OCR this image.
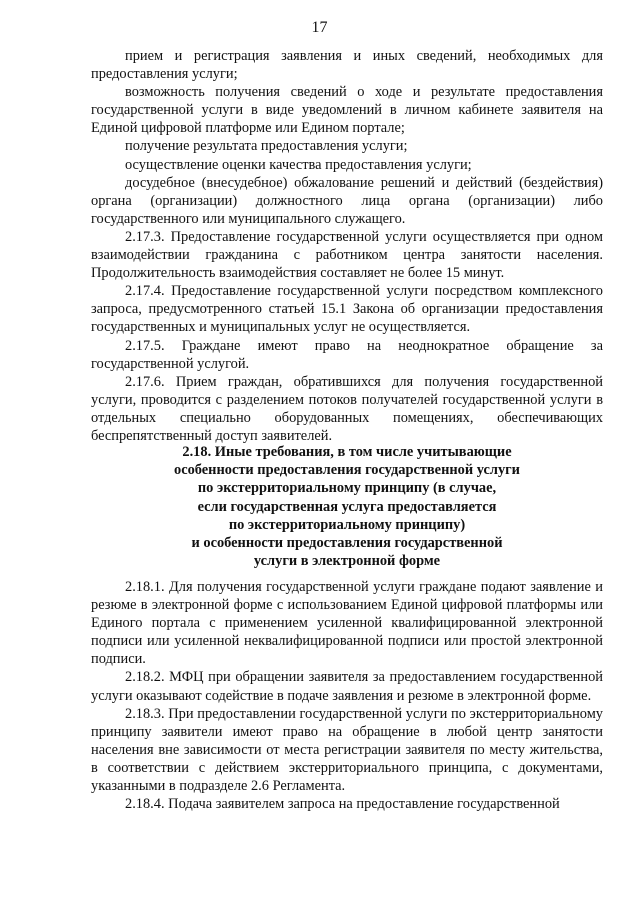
17

прием и регистрация заявления и иных сведений, необходимых для предоставления услуги;

возможность получения сведений о ходе и результате предоставления государственной услуги в виде уведомлений в личном кабинете заявителя на Единой цифровой платформе или Едином портале;

получение результата предоставления услуги;

осуществление оценки качества предоставления услуги;

досудебное (внесудебное) обжалование решений и действий (бездействия) органа (организации) должностного лица органа (организации) либо государственного или муниципального служащего.

2.17.3. Предоставление государственной услуги осуществляется при одном взаимодействии гражданина с работником центра занятости населения. Продолжительность взаимодействия составляет не более 15 минут.

2.17.4. Предоставление государственной услуги посредством комплексного запроса, предусмотренного статьей 15.1 Закона об организации предоставления государственных и муниципальных услуг не осуществляется.

2.17.5. Граждане имеют право на неоднократное обращение за государственной услугой.

2.17.6. Прием граждан, обратившихся для получения государственной услуги, проводится с разделением потоков получателей государственной услуги в отдельных специально оборудованных помещениях, обеспечивающих беспрепятственный доступ заявителей.

2.18. Иные требования, в том числе учитывающие
особенности предоставления государственной услуги
по экстерриториальному принципу (в случае,
если государственная услуга предоставляется
по экстерриториальному принципу)
и особенности предоставления государственной
услуги в электронной форме

2.18.1. Для получения государственной услуги граждане подают заявление и резюме в электронной форме с использованием Единой цифровой платформы или Единого портала с применением усиленной квалифицированной электронной подписи или усиленной неквалифицированной подписи или простой электронной подписи.

2.18.2. МФЦ при обращении заявителя за предоставлением государственной услуги оказывают содействие в подаче заявления и резюме в электронной форме.

2.18.3. При предоставлении государственной услуги по экстерриториальному принципу заявители имеют право на обращение в любой центр занятости населения вне зависимости от места регистрации заявителя по месту жительства, в соответствии с действием экстерриториального принципа, с документами, указанными в подразделе 2.6 Регламента.

2.18.4. Подача заявителем запроса на предоставление государственной
